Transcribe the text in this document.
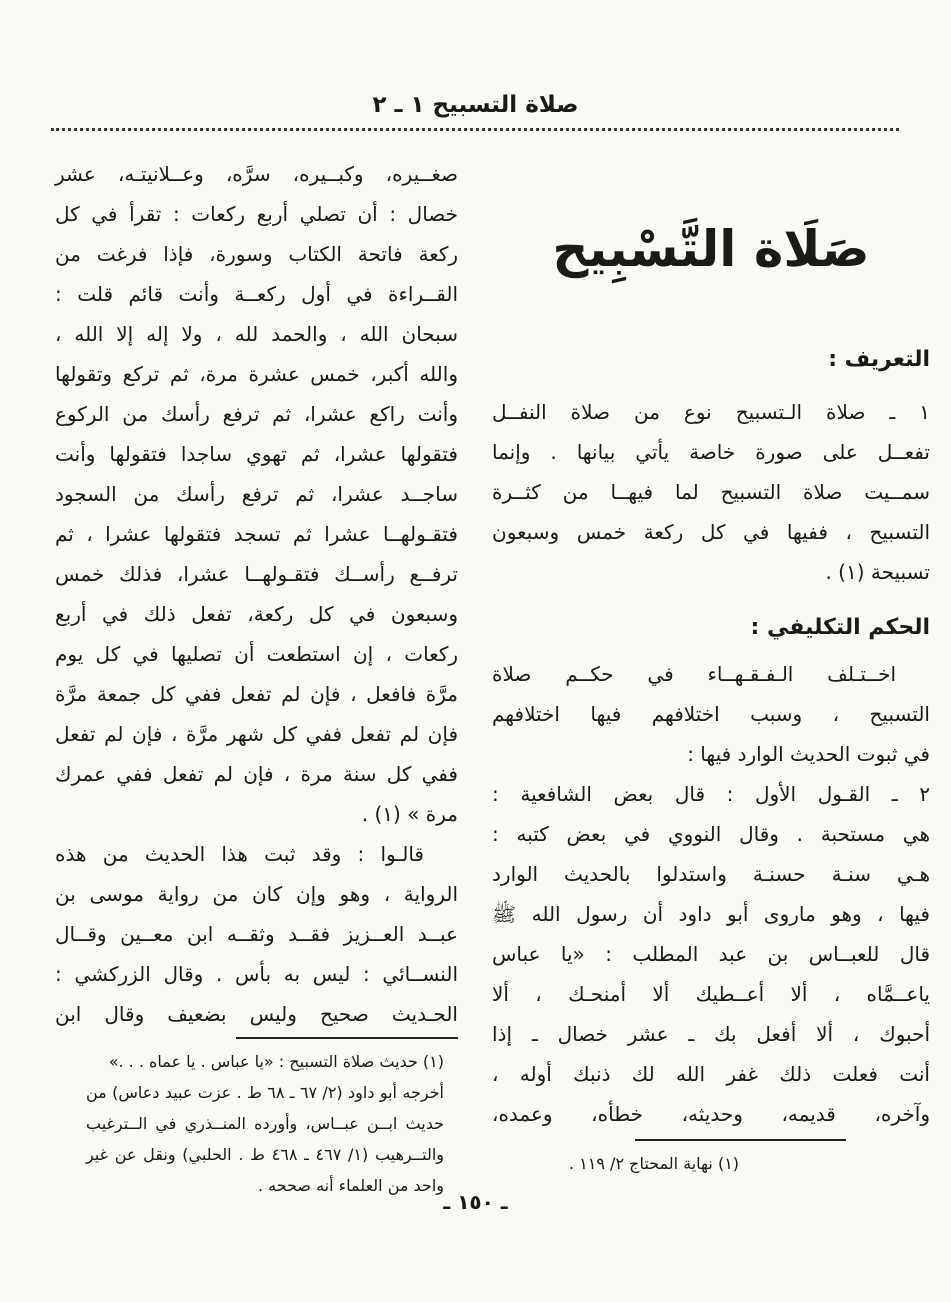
صلاة التسبيح ١ ـ ٢
صَلَاة التَّسْبِيح
التعريف :
١ ـ صلاة الـتسبيح نوع من صلاة النفــل
تفعــل على صورة خاصة يأتي بيانها . وإنما
سمــيت صلاة التسبيح لما فيهــا من كثــرة
التسبيح ، ففيها في كل ركعة خمس وسبعون
تسبيحة (١) .
الحكم التكليفي :
اخــتـلف الـفـقـهــاء في حكــم صلاة
التسبيح ، وسبب اختلافهم فيها اختلافهم
في ثبوت الحديث الوارد فيها :
٢ ـ القـول الأول : قال بعض الشافعية :
هي مستحبة . وقال النووي في بعض كتبه :
هـي سنـة حسنـة واستدلوا بالحديث الوارد
فيها ، وهو ماروى أبو داود أن رسول الله ﷺ
قال للعبــاس بن عبد المطلب : «يا عباس
ياعــمَّاه ، ألا أعــطيك ألا أمنحـك ، ألا
أحبوك ، ألا أفعل بك ـ عشر خصال ـ إذا
أنت فعلت ذلك غفر الله لك ذنبك أوله ،
وآخره، قديمه، وحديثه، خطأه، وعمده،
(١) نهاية المحتاج ٢/ ١١٩ .
صغــيره، وكبــيره، سرَّه، وعــلانيتـه، عشر
خصال : أن تصلي أربع ركعات : تقرأ في كل
ركعة فاتحة الكتاب وسورة، فإذا فرغت من
القــراءة في أول ركعــة وأنت قائم قلت :
سبحان الله ، والحمد لله ، ولا إله إلا الله ،
والله أكبر، خمس عشرة مرة، ثم تركع وتقولها
وأنت راكع عشرا، ثم ترفع رأسك من الركوع
فتقولها عشرا، ثم تهوي ساجدا فتقولها وأنت
ساجــد عشرا، ثم ترفع رأسك من السجود
فتقـولهــا عشرا ثم تسجد فتقولها عشرا ، ثم
ترفــع رأســك فتقـولهــا عشرا، فذلك خمس
وسبعون في كل ركعة، تفعل ذلك في أربع
ركعات ، إن استطعت أن تصليها في كل يوم
مرَّة فافعل ، فإن لم تفعل ففي كل جمعة مرَّة
فإن لم تفعل ففي كل شهر مرَّة ، فإن لم تفعل
ففي كل سنة مرة ، فإن لم تفعل ففي عمرك
مرة » (١) .
قالـوا : وقد ثبت هذا الحديث من هذه
الرواية ، وهو وإن كان من رواية موسى بن
عبــد العــزيز فقــد وثقــه ابن معــين وقــال
النســائي : ليس به بأس . وقال الزركشي :
الحـديث صحيح وليس بضعيف وقال ابن
(١) حديث صلاة التسبيح : «يا عباس . يا عماه . . .»
أخرجه أبو داود (٢/ ٦٧ ـ ٦٨ ط . عزت عبيد دعاس) من
حديث ابــن عبــاس، وأورده المنــذري في الــترغيب
والتــرهيب (١/ ٤٦٧ ـ ٤٦٨ ط . الحلبي) ونقل عن غير
واحد من العلماء أنه صححه .
ـ ١٥٠ ـ
